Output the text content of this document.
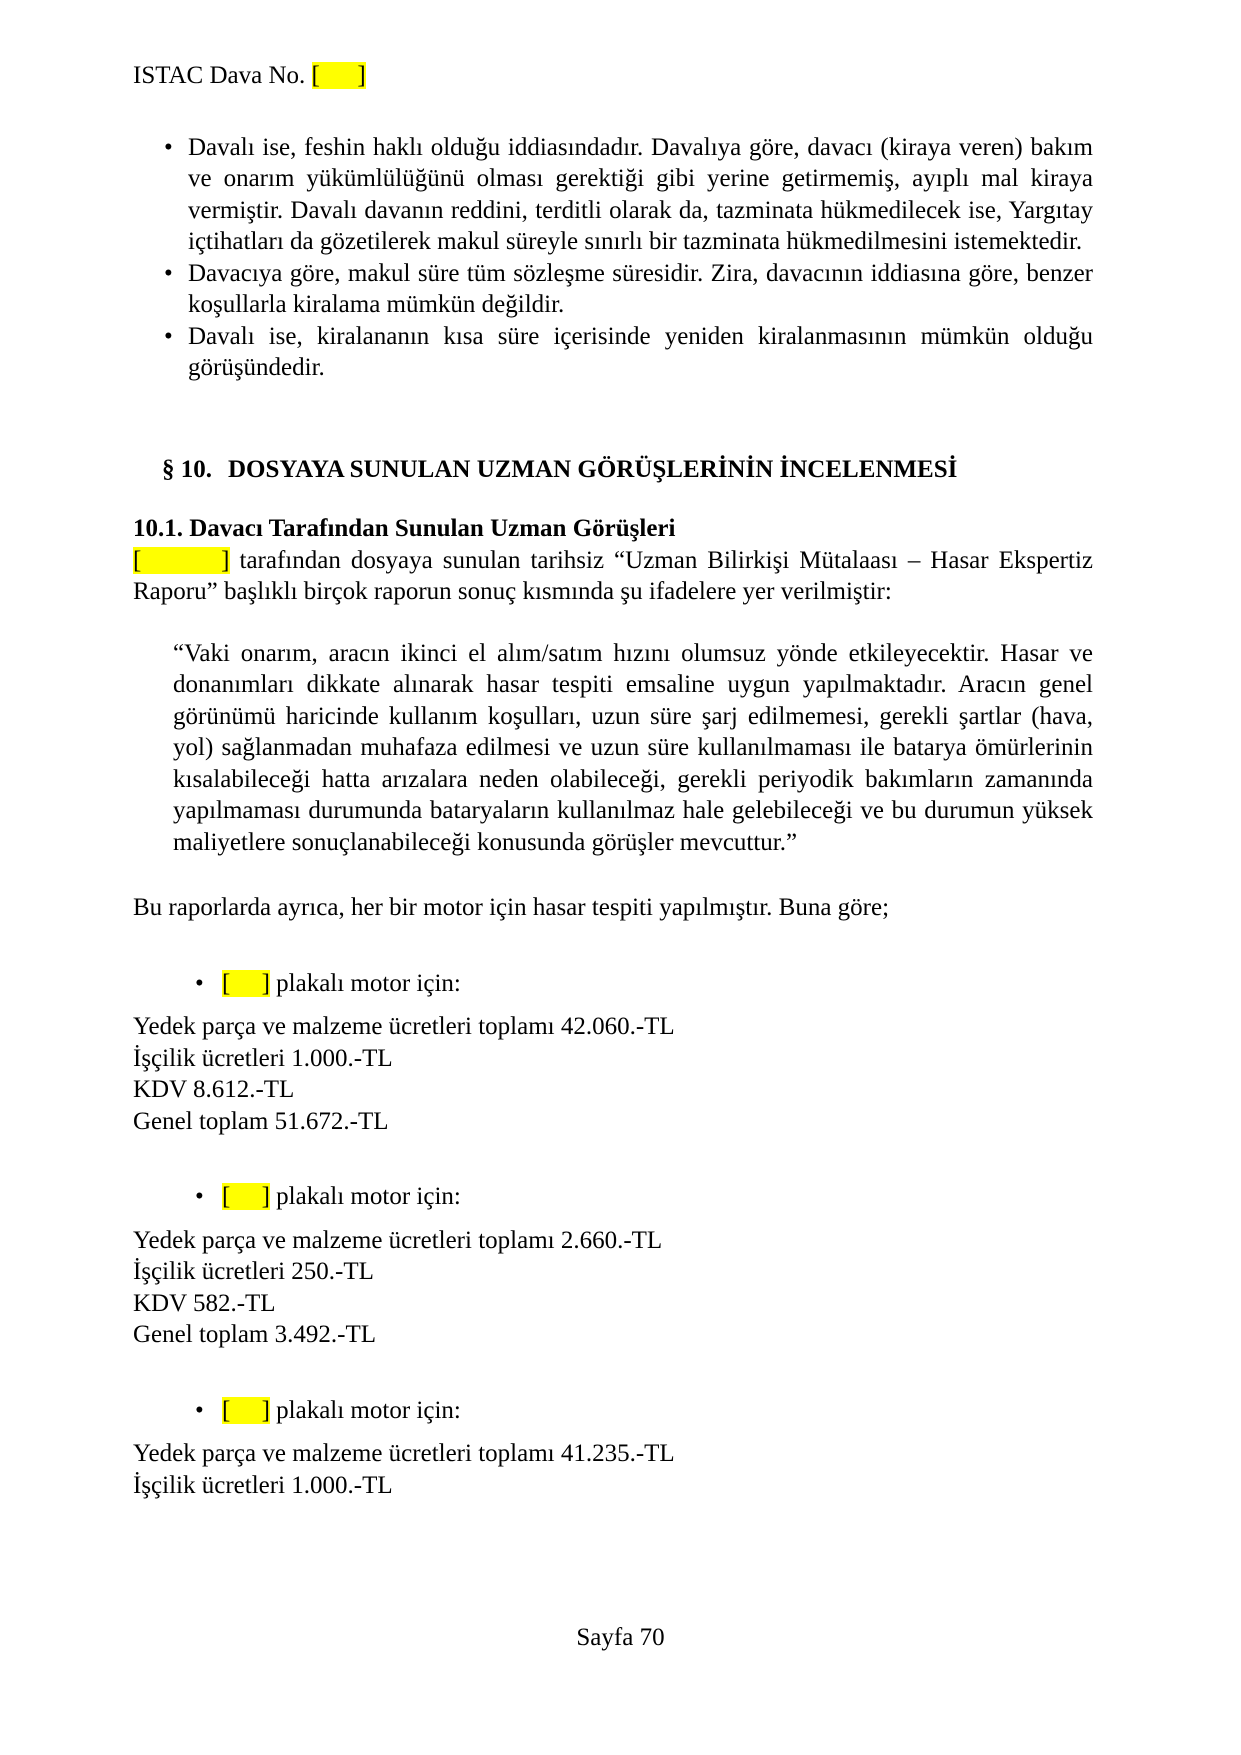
ISTAC Dava No. [      ]
• Davalı ise, feshin haklı olduğu iddiasındadır. Davalıya göre, davacı (kiraya veren) bakım ve onarım yükümlülüğünü olması gerektiği gibi yerine getirmemiş, ayıplı mal kiraya vermiştir. Davalı davanın reddini, terditli olarak da, tazminata hükmedilecek ise, Yargıtay içtihatları da gözetilerek makul süreyle sınırlı bir tazminata hükmedilmesini istemektedir.
• Davacıya göre, makul süre tüm sözleşme süresidir. Zira, davacının iddiasına göre, benzer koşullarla kiralama mümkün değildir.
• Davalı ise, kiralananın kısa süre içerisinde yeniden kiralanmasının mümkün olduğu görüşündedir.
§ 10. DOSYAYA SUNULAN UZMAN GÖRÜŞLERİNİN İNCELENMESİ
10.1. Davacı Tarafından Sunulan Uzman Görüşleri

[        ] tarafından dosyaya sunulan tarihsiz “Uzman Bilirkişi Mütalaası – Hasar Ekspertiz Raporu” başlıklı birçok raporun sonuç kısmında şu ifadelere yer verilmiştir:

“Vaki onarım, aracın ikinci el alım/satım hızını olumsuz yönde etkileyecektir. Hasar ve donanımları dikkate alınarak hasar tespiti emsaline uygun yapılmaktadır. Aracın genel görünümü haricinde kullanım koşulları, uzun süre şarj edilmemesi, gerekli şartlar (hava, yol) sağlanmadan muhafaza edilmesi ve uzun süre kullanılmaması ile batarya ömürlerinin kısalabileceği hatta arızalara neden olabileceği, gerekli periyodik bakımların zamanında yapılmaması durumunda bataryaların kullanılmaz hale gelebileceği ve bu durumun yüksek maliyetlere sonuçlanabileceği konusunda görüşler mevcuttur.”

Bu raporlarda ayrıca, her bir motor için hasar tespiti yapılmıştır. Buna göre;

• [     ] plakalı motor için:
Yedek parça ve malzeme ücretleri toplamı 42.060.-TL
İşçilik ücretleri 1.000.-TL
KDV 8.612.-TL
Genel toplam 51.672.-TL
• [     ] plakalı motor için:
Yedek parça ve malzeme ücretleri toplamı 2.660.-TL
İşçilik ücretleri 250.-TL
KDV 582.-TL
Genel toplam 3.492.-TL
• [     ] plakalı motor için:
Yedek parça ve malzeme ücretleri toplamı 41.235.-TL
İşçilik ücretleri 1.000.-TL
Sayfa 70
